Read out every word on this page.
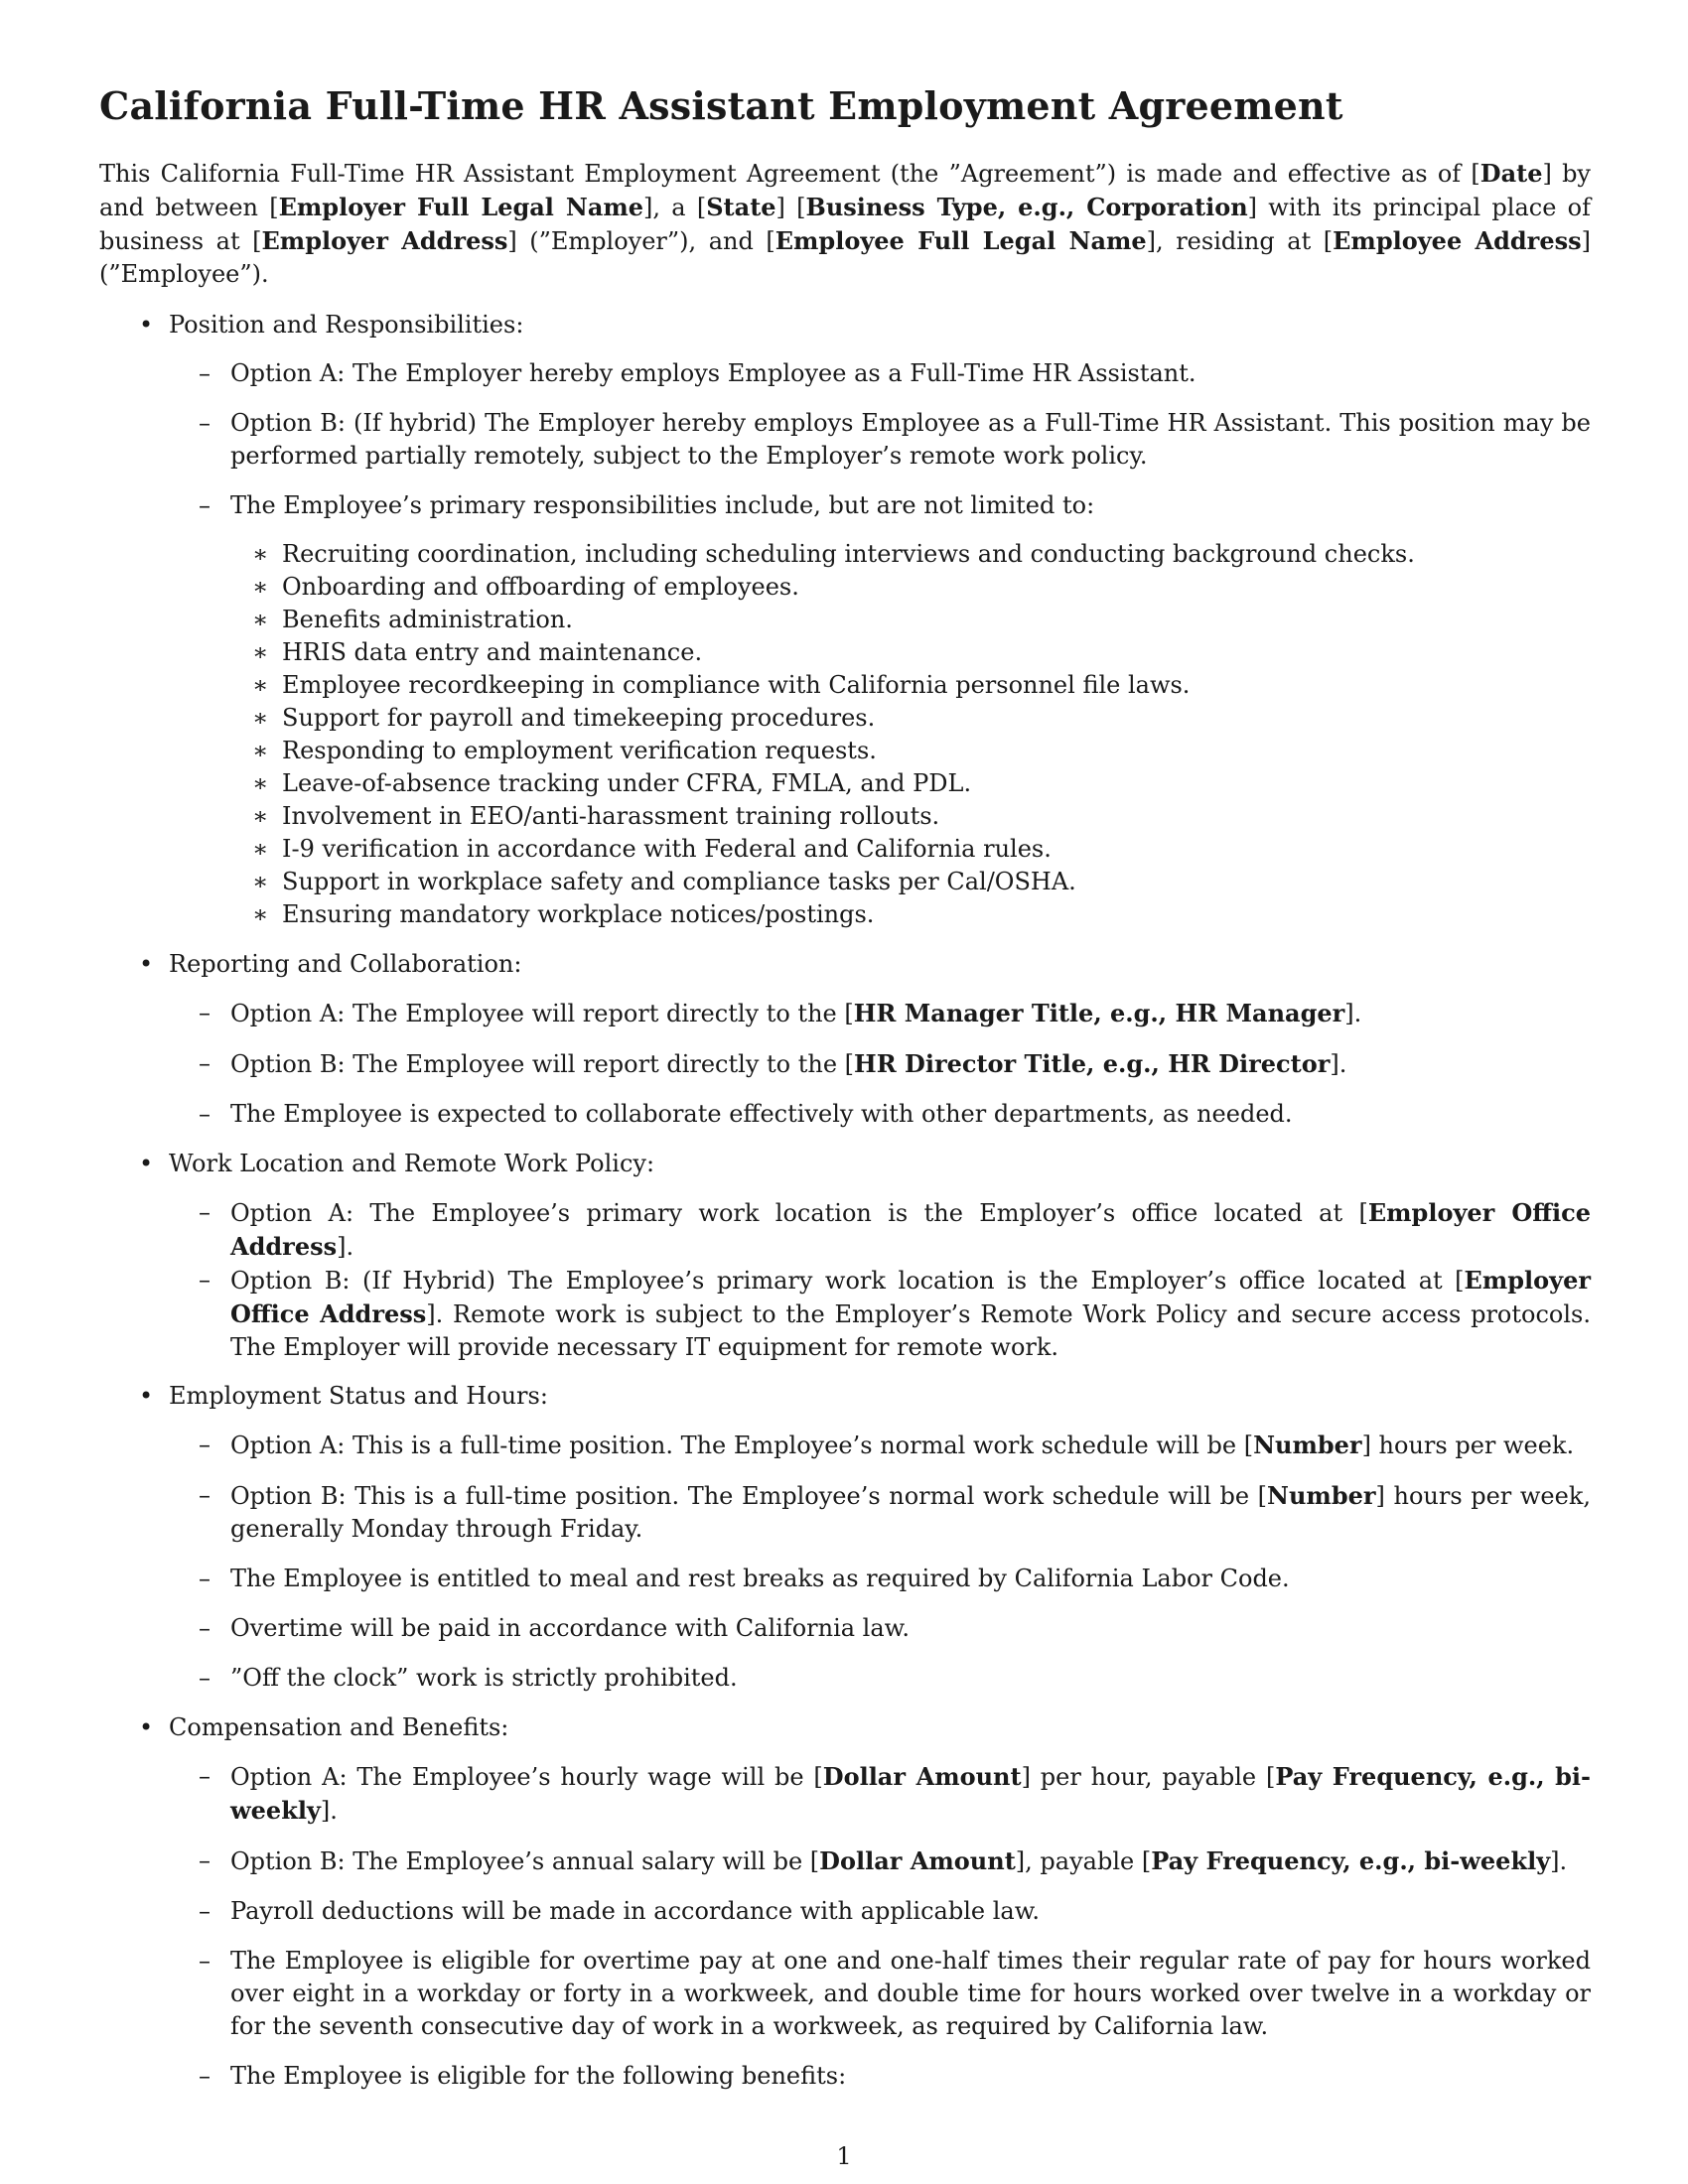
California Full-Time HR Assistant Employment Agreement

This California Full-Time HR Assistant Employment Agreement (the ”Agreement”) is made and effective as of [Date] by and between [Employer Full Legal Name], a [State] [Business Type, e.g., Corporation] with its principal place of business at [Employer Address] (”Employer”), and [Employee Full Legal Name], residing at [Employee Address] (”Employee”).

• Position and Responsibilities:
– Option A: The Employer hereby employs Employee as a Full-Time HR Assistant.
– Option B: (If hybrid) The Employer hereby employs Employee as a Full-Time HR Assistant. This position may be performed partially remotely, subject to the Employer’s remote work policy.
– The Employee’s primary responsibilities include, but are not limited to:
∗ Recruiting coordination, including scheduling interviews and conducting background checks.
∗ Onboarding and offboarding of employees.
∗ Benefits administration.
∗ HRIS data entry and maintenance.
∗ Employee recordkeeping in compliance with California personnel file laws.
∗ Support for payroll and timekeeping procedures.
∗ Responding to employment verification requests.
∗ Leave-of-absence tracking under CFRA, FMLA, and PDL.
∗ Involvement in EEO/anti-harassment training rollouts.
∗ I-9 verification in accordance with Federal and California rules.
∗ Support in workplace safety and compliance tasks per Cal/OSHA.
∗ Ensuring mandatory workplace notices/postings.
• Reporting and Collaboration:
– Option A: The Employee will report directly to the [HR Manager Title, e.g., HR Manager].
– Option B: The Employee will report directly to the [HR Director Title, e.g., HR Director].
– The Employee is expected to collaborate effectively with other departments, as needed.
• Work Location and Remote Work Policy:
– Option A: The Employee’s primary work location is the Employer’s office located at [Employer Office Address].
– Option B: (If Hybrid) The Employee’s primary work location is the Employer’s office located at [Employer Office Address]. Remote work is subject to the Employer’s Remote Work Policy and secure access protocols. The Employer will provide necessary IT equipment for remote work.
• Employment Status and Hours:
– Option A: This is a full-time position. The Employee’s normal work schedule will be [Number] hours per week.
– Option B: This is a full-time position. The Employee’s normal work schedule will be [Number] hours per week, generally Monday through Friday.
– The Employee is entitled to meal and rest breaks as required by California Labor Code.
– Overtime will be paid in accordance with California law.
– ”Off the clock” work is strictly prohibited.
• Compensation and Benefits:
– Option A: The Employee’s hourly wage will be [Dollar Amount] per hour, payable [Pay Frequency, e.g., bi-weekly].
– Option B: The Employee’s annual salary will be [Dollar Amount], payable [Pay Frequency, e.g., bi-weekly].
– Payroll deductions will be made in accordance with applicable law.
– The Employee is eligible for overtime pay at one and one-half times their regular rate of pay for hours worked over eight in a workday or forty in a workweek, and double time for hours worked over twelve in a workday or for the seventh consecutive day of work in a workweek, as required by California law.
– The Employee is eligible for the following benefits:
1
